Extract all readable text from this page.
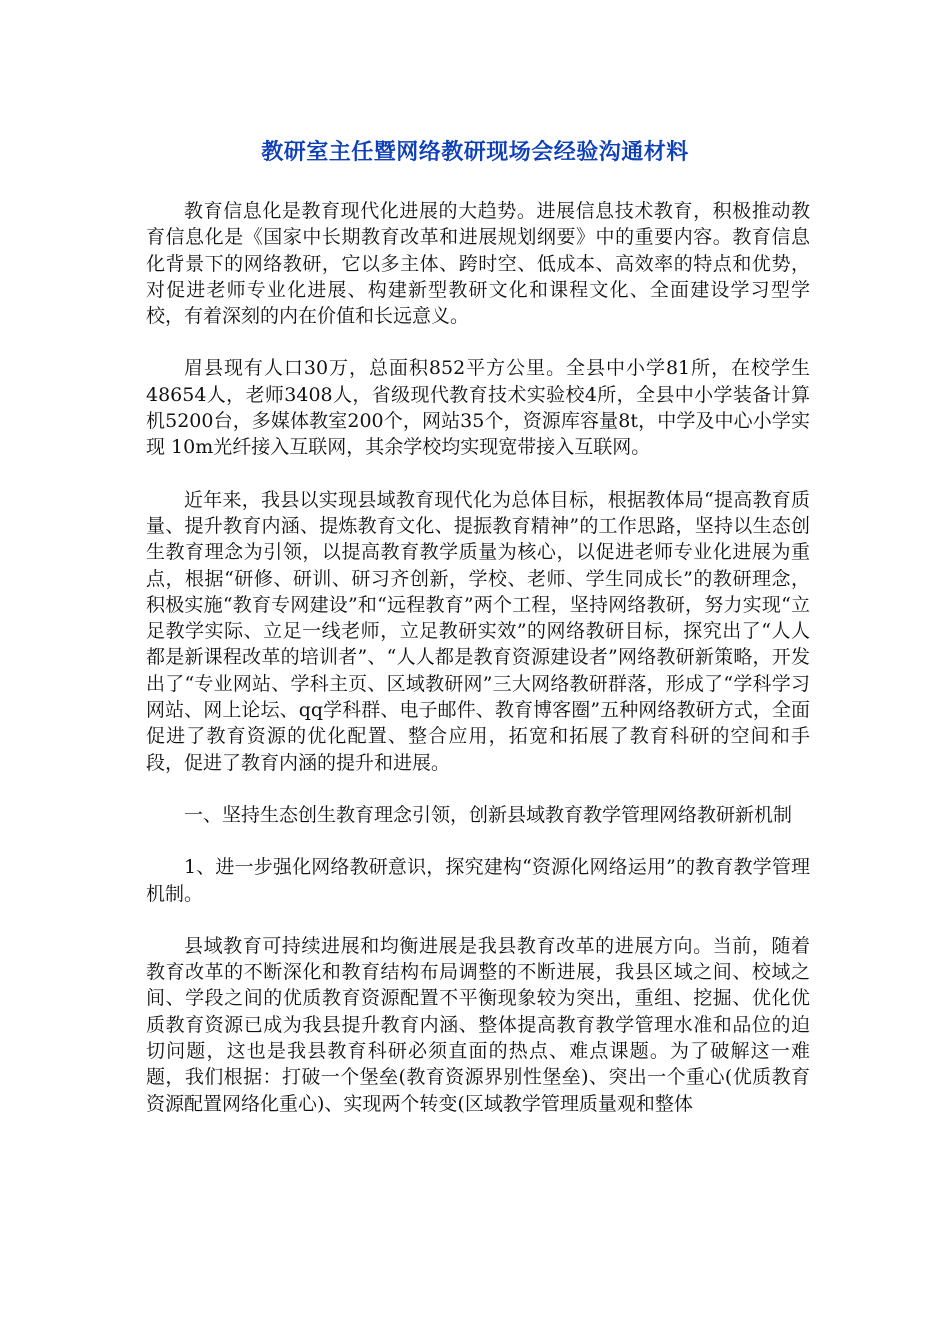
教研室主任暨网络教研现场会经验沟通材料

教育信息化是教育现代化进展的大趋势。进展信息技术教育，积极推动教育信息化是《国家中长期教育改革和进展规划纲要》中的重要内容。教育信息化背景下的网络教研，它以多主体、跨时空、低成本、高效率的特点和优势，对促进老师专业化进展、构建新型教研文化和课程文化、全面建设学习型学校，有着深刻的内在价值和长远意义。

眉县现有人口30万，总面积852平方公里。全县中小学81所，在校学生48654人，老师3408人，省级现代教育技术实验校4所，全县中小学装备计算机5200台，多媒体教室200个，网站35个，资源库容量8t，中学及中心小学实现 10m光纤接入互联网，其余学校均实现宽带接入互联网。

近年来，我县以实现县域教育现代化为总体目标，根据教体局“提高教育质量、提升教育内涵、提炼教育文化、提振教育精神”的工作思路，坚持以生态创生教育理念为引领，以提高教育教学质量为核心，以促进老师专业化进展为重点，根据“研修、研训、研习齐创新，学校、老师、学生同成长”的教研理念，积极实施“教育专网建设”和“远程教育”两个工程，坚持网络教研，努力实现“立足教学实际、立足一线老师，立足教研实效”的网络教研目标，探究出了“人人都是新课程改革的培训者”、“人人都是教育资源建设者”网络教研新策略，开发出了“专业网站、学科主页、区域教研网”三大网络教研群落，形成了“学科学习网站、网上论坛、qq学科群、电子邮件、教育博客圈”五种网络教研方式，全面促进了教育资源的优化配置、整合应用，拓宽和拓展了教育科研的空间和手段，促进了教育内涵的提升和进展。

一、坚持生态创生教育理念引领，创新县域教育教学管理网络教研新机制

1、进一步强化网络教研意识，探究建构“资源化网络运用”的教育教学管理机制。

县域教育可持续进展和均衡进展是我县教育改革的进展方向。当前，随着教育改革的不断深化和教育结构布局调整的不断进展，我县区域之间、校域之间、学段之间的优质教育资源配置不平衡现象较为突出，重组、挖掘、优化优质教育资源已成为我县提升教育内涵、整体提高教育教学管理水准和品位的迫切问题，这也是我县教育科研必须直面的热点、难点课题。为了破解这一难题，我们根据：打破一个堡垒(教育资源界别性堡垒)、突出一个重心(优质教育资源配置网络化重心)、实现两个转变(区域教学管理质量观和整体
